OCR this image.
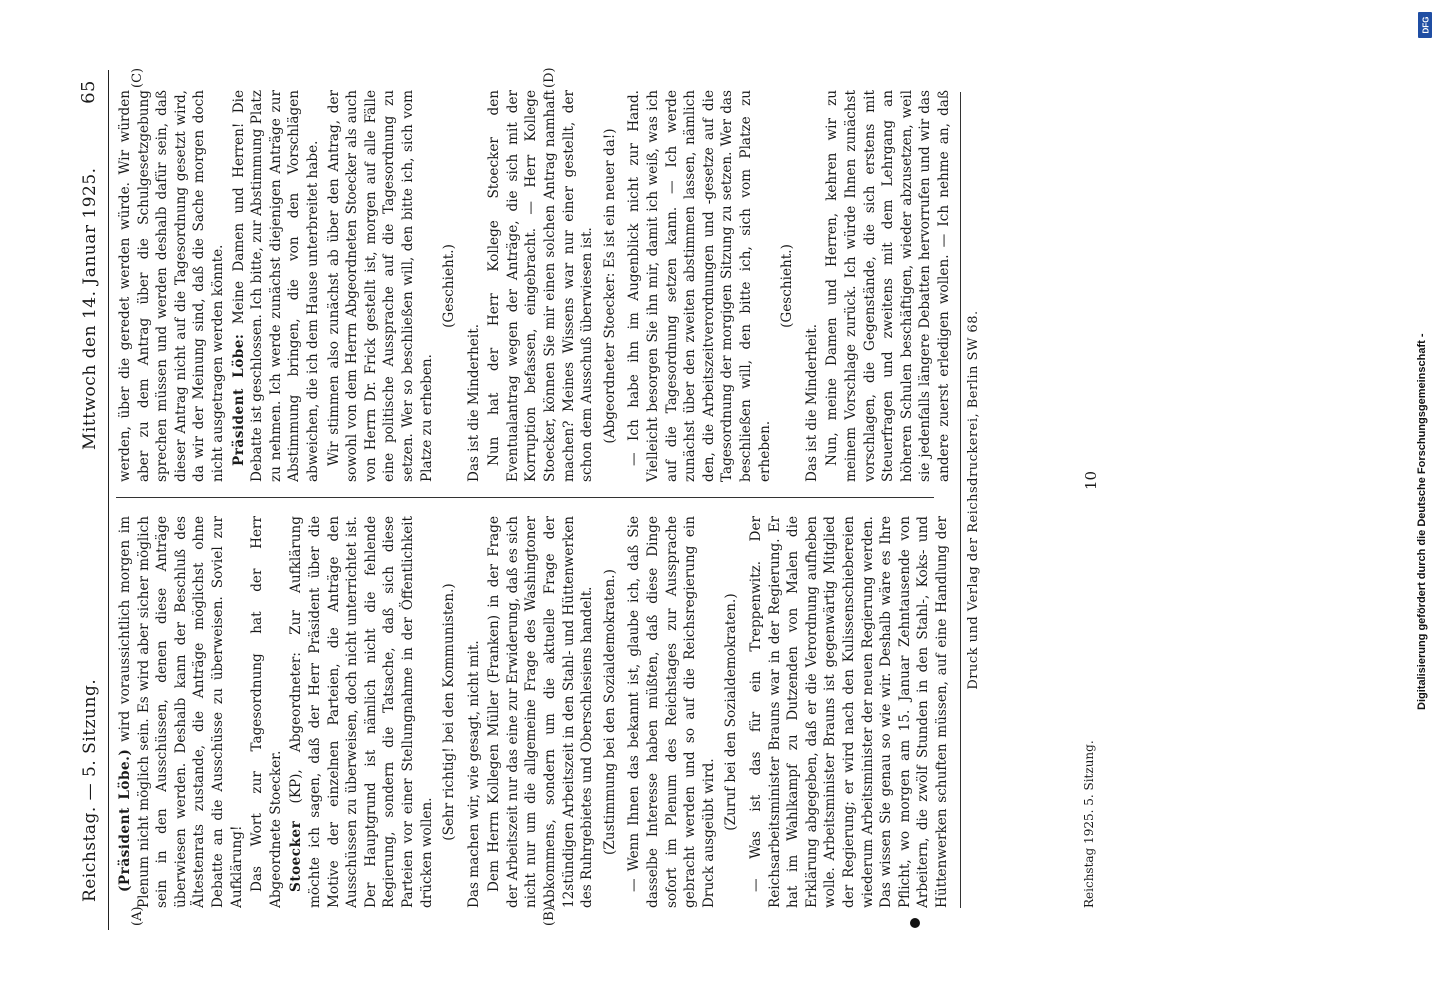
Reichstag. — 5. Sitzung.
Mittwoch den 14. Januar 1925.
65
(A)	(B)
(C)	(D)

(Präsident Löbe.) wird voraussichtlich morgen im Plenum nicht möglich sein. Es wird aber sicher möglich sein in den Ausschüssen, denen diese Anträge überwiesen werden. Deshalb kann der Beschluß des Ältestenrats zustande, die Anträge möglichst ohne Debatte an die Ausschüsse zu überweisen. Soviel zur Aufklärung! Das Wort zur Tagesordnung hat der Herr Abgeordnete Stoecker. Stoecker (KP), Abgeordneter: Zur Aufklärung möchte ich sagen, daß der Herr Präsident über die Motive der einzelnen Parteien, die Anträge den Ausschüssen zu überweisen, doch nicht unterrichtet ist. Der Hauptgrund ist nämlich nicht die fehlende Regierung, sondern die Tatsache, daß sich diese Parteien vor einer Stellungnahme in der Öffentlichkeit drücken wollen.

(Sehr richtig! bei den Kommunisten.) Das machen wir, wie gesagt, nicht mit. Dem Herrn Kollegen Müller (Franken) in der Frage der Arbeitszeit nur das eine zur Erwiderung, daß es sich nicht nur um die allgemeine Frage des Washingtoner Abkommens, sondern um die aktuelle Frage der 12stündigen Arbeitszeit in den Stahl- und Hüttenwerken des Ruhrgebietes und Oberschlesiens handelt. (Zustimmung bei den Sozialdemokraten.) — Wenn Ihnen das bekannt ist, glaube ich, daß Sie dasselbe Interesse haben müßten, daß diese Dinge sofort im Plenum des Reichstages zur Aussprache gebracht werden und so auf die Reichsregierung ein Druck ausgeübt wird.

(Zuruf bei den Sozialdemokraten.)

— Was ist das für ein Treppenwitz. Der Reichsarbeitsminister Brauns war in der Regierung. Er hat im Wahlkampf zu Dutzenden von Malen die Erklärung abgegeben, daß er die Verordnung aufheben wolle. Arbeitsminister Brauns ist gegenwärtig Mitglied der Regierung; er wird nach den Kulissenschiebereien wiederum Arbeitsminister der neuen Regierung werden. Das wissen Sie genau so wie wir. Deshalb wäre es Ihre Pflicht, wo morgen am 15. Januar Zehntausende von Arbeitern, die zwölf Stunden in den Stahl-, Koks- und Hüttenwerken schuften müssen, auf eine Handlung der

werden, über die geredet werden würde. Wir würden aber zu dem Antrag über die Schulgesetzgebung sprechen müssen und werden deshalb dafür sein, daß dieser Antrag nicht auf die Tagesordnung gesetzt wird, da wir der Meinung sind, daß die Sache morgen doch nicht ausgetragen werden könnte. Präsident Löbe: Meine Damen und Herren! Die Debatte ist geschlossen. Ich bitte, zur Abstimmung Platz zu nehmen. Ich werde zunächst diejenigen Anträge zur Abstimmung bringen, die von den Vorschlägen abweichen, die ich dem Hause unterbreitet habe. Wir stimmen also zunächst ab über den Antrag, der sowohl von dem Herrn Abgeordneten Stoecker als auch von Herrn Dr. Frick gestellt ist, morgen auf alle Fälle eine politische Aussprache auf die Tagesordnung zu setzen. Wer so beschließen will, den bitte ich, sich vom Platze zu erheben.

(Geschieht.)

Das ist die Minderheit. Nun hat der Herr Kollege Stoecker den Eventualantrag wegen der Anträge, die sich mit der Korruption befassen, eingebracht. — Herr Kollege Stoecker, können Sie mir einen solchen Antrag namhaft machen? Meines Wissens war nur einer gestellt, der schon dem Ausschuß überwiesen ist. (Abgeordneter Stoecker: Es ist ein neuer da!) — Ich habe ihn im Augenblick nicht zur Hand. Vielleicht besorgen Sie ihn mir, damit ich weiß, was ich auf die Tagesordnung setzen kann. — Ich werde zunächst über den zweiten abstimmen lassen, nämlich den, die Arbeitszeitverordnungen und -gesetze auf die Tagesordnung der morgigen Sitzung zu setzen. Wer das beschließen will, den bitte ich, sich vom Platze zu erheben.

(Geschieht.)

Das ist die Minderheit. Nun, meine Damen und Herren, kehren wir zu meinem Vorschlage zurück. Ich würde Ihnen zunächst vorschlagen, die Gegenstände, die sich erstens mit Steuerfragen und zweitens mit dem Lehrgang an höheren Schulen beschäftigen, wieder abzusetzen, weil sie jedenfalls längere Debatten hervorrufen und wir das andere zuerst erledigen wollen. — Ich nehme an, daß

Druck und Verlag der Reichsdruckerei, Berlin SW 68.
Reichstag 1925. 5. Sitzung.
10
DFG
Digitalisierung gefördert durch die Deutsche Forschungsgemeinschaft -
